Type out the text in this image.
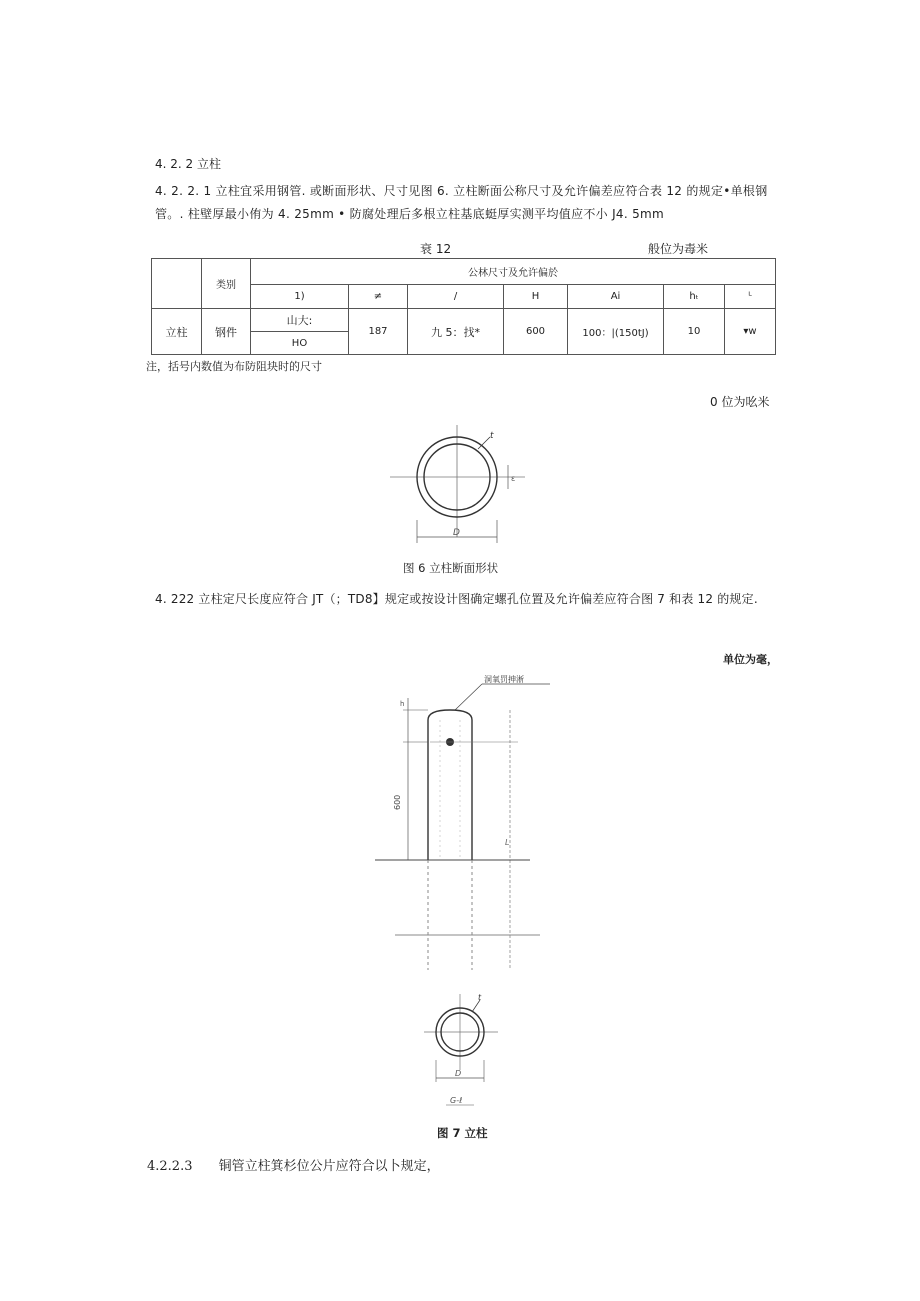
4. 2. 2 立柱
4. 2. 2. 1 立柱宜采用钢管. 或断面形状、尺寸见图 6. 立柱断面公称尺寸及允许偏差应符合表 12 的规定•单根钢
管。. 柱壁厚最小侑为 4. 25mm • 防腐处理后多根立柱基底蜓厚实测平均值应不小 J4. 5mm
衰 12	般位为毒米
	类别	公林尺寸及允许偏於						
		1)	≠	/	H	Ai	hₜ	ᴸ
立柱	钢件	山大:	187	九 5：找*	600	100：|(150tJ)	10	▾w
		HO						
注，括号内数值为布防阻块时的尺寸
0 位为吆米
t
ε
D
图 6 立柱断面形状
4. 222 立柱定尺长度应符合 JT（；TD8】规定或按设计图确定螺孔位置及允许偏差应符合图 7 和表 12 的规定.
单位为毫，
洞氧罚抻淅
h
600
L
t
D
G-ℓ
图 7 立柱
4.2.2.3 铜管立柱箕杉位公片应符合以卜规定，
